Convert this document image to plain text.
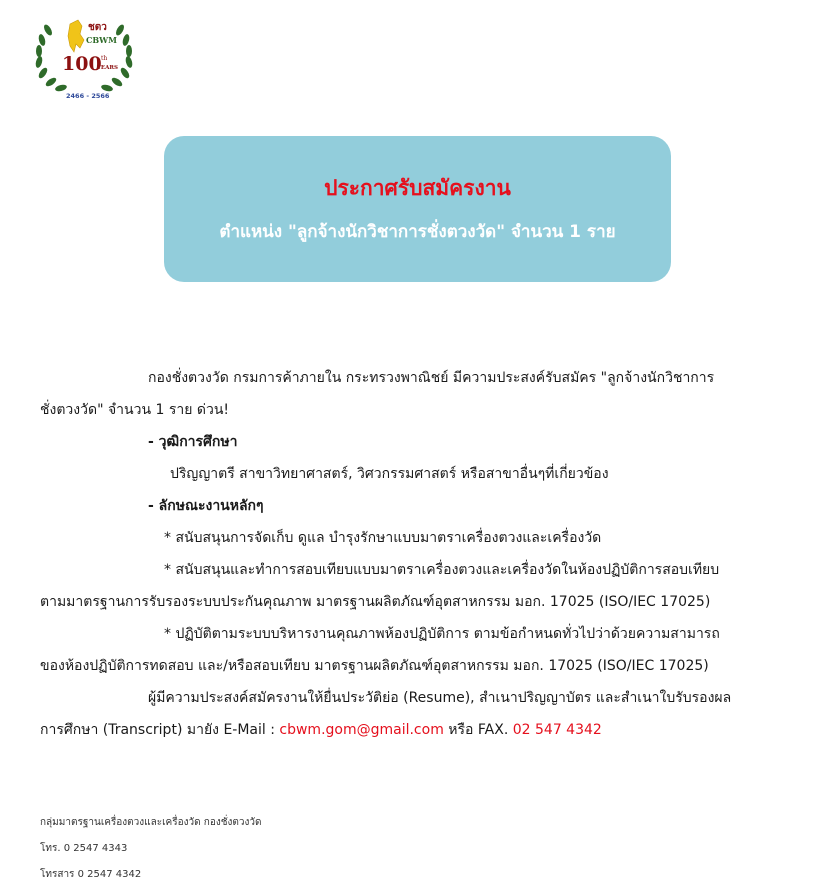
ชตว
CBWM
100 th
YEARS
2466 - 2566
ประกาศรับสมัครงาน
ตำแหน่ง "ลูกจ้างนักวิชาการชั่งตวงวัด" จำนวน 1 ราย
กองชั่งตวงวัด กรมการค้าภายใน กระทรวงพาณิชย์ มีความประสงค์รับสมัคร "ลูกจ้างนักวิชาการ
ชั่งตวงวัด" จำนวน 1 ราย ด่วน!
- วุฒิการศึกษา
ปริญญาตรี สาขาวิทยาศาสตร์, วิศวกรรมศาสตร์ หรือสาขาอื่นๆที่เกี่ยวข้อง
- ลักษณะงานหลักๆ
* สนับสนุนการจัดเก็บ ดูแล บำรุงรักษาแบบมาตราเครื่องตวงและเครื่องวัด
* สนับสนุนและทำการสอบเทียบแบบมาตราเครื่องตวงและเครื่องวัดในห้องปฏิบัติการสอบเทียบ
ตามมาตรฐานการรับรองระบบประกันคุณภาพ มาตรฐานผลิตภัณฑ์อุตสาหกรรม มอก. 17025 (ISO/IEC 17025)
* ปฏิบัติตามระบบบริหารงานคุณภาพห้องปฏิบัติการ ตามข้อกำหนดทั่วไปว่าด้วยความสามารถ
ของห้องปฏิบัติการทดสอบ และ/หรือสอบเทียบ มาตรฐานผลิตภัณฑ์อุตสาหกรรม มอก. 17025 (ISO/IEC 17025)
ผู้มีความประสงค์สมัครงานให้ยื่นประวัติย่อ (Resume), สำเนาปริญญาบัตร และสำเนาใบรับรองผล
การศึกษา (Transcript) มายัง E-Mail : cbwm.gom@gmail.com หรือ FAX. 02 547 4342
กลุ่มมาตรฐานเครื่องตวงและเครื่องวัด กองชั่งตวงวัด
โทร. 0 2547 4343
โทรสาร 0 2547 4342
